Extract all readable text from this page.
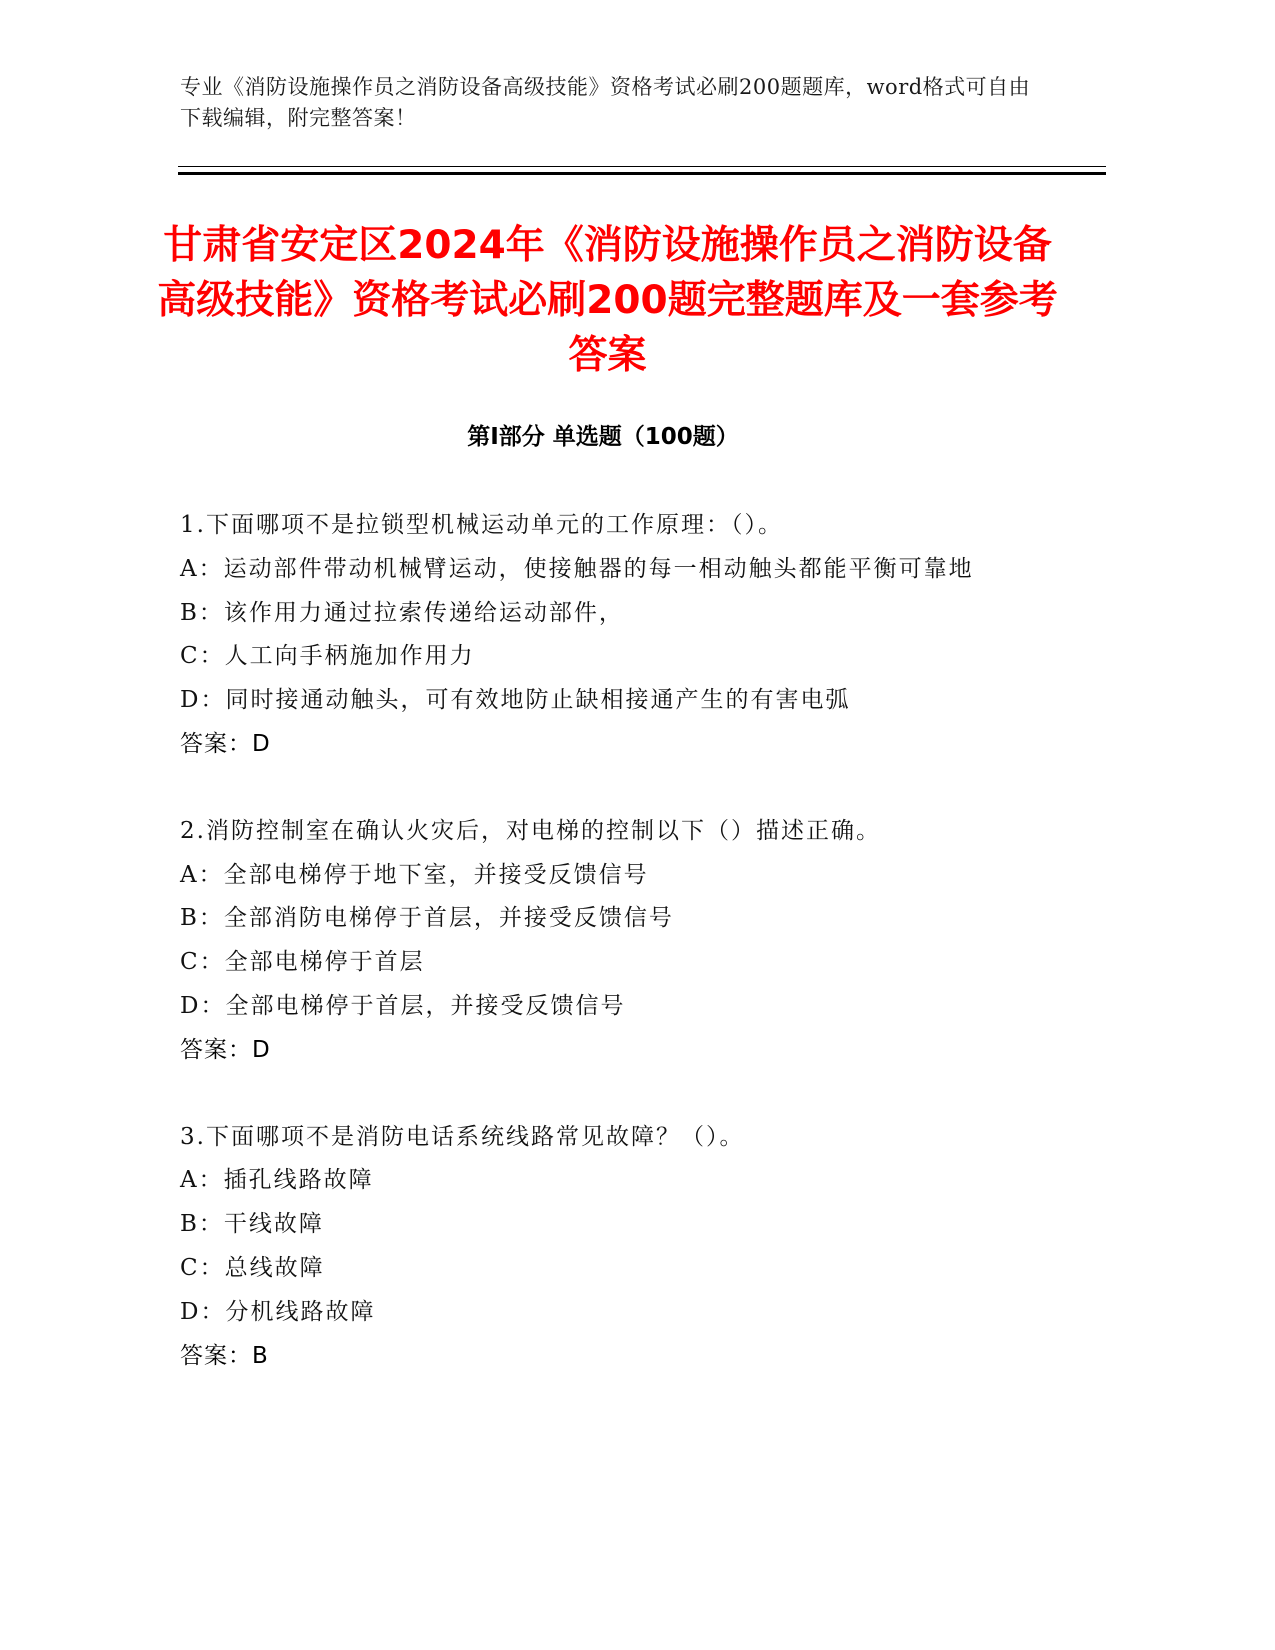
专业《消防设施操作员之消防设备高级技能》资格考试必刷200题题库，word格式可自由下载编辑，附完整答案！
甘肃省安定区2024年《消防设施操作员之消防设备高级技能》资格考试必刷200题完整题库及一套参考答案
第I部分 单选题（100题）
1.下面哪项不是拉锁型机械运动单元的工作原理：（）。
A：运动部件带动机械臂运动，使接触器的每一相动触头都能平衡可靠地
B：该作用力通过拉索传递给运动部件，
C：人工向手柄施加作用力
D：同时接通动触头，可有效地防止缺相接通产生的有害电弧
答案：D
2.消防控制室在确认火灾后，对电梯的控制以下（）描述正确。
A：全部电梯停于地下室，并接受反馈信号
B：全部消防电梯停于首层，并接受反馈信号
C：全部电梯停于首层
D：全部电梯停于首层，并接受反馈信号
答案：D
3.下面哪项不是消防电话系统线路常见故障？（）。
A：插孔线路故障
B：干线故障
C：总线故障
D：分机线路故障
答案：B
